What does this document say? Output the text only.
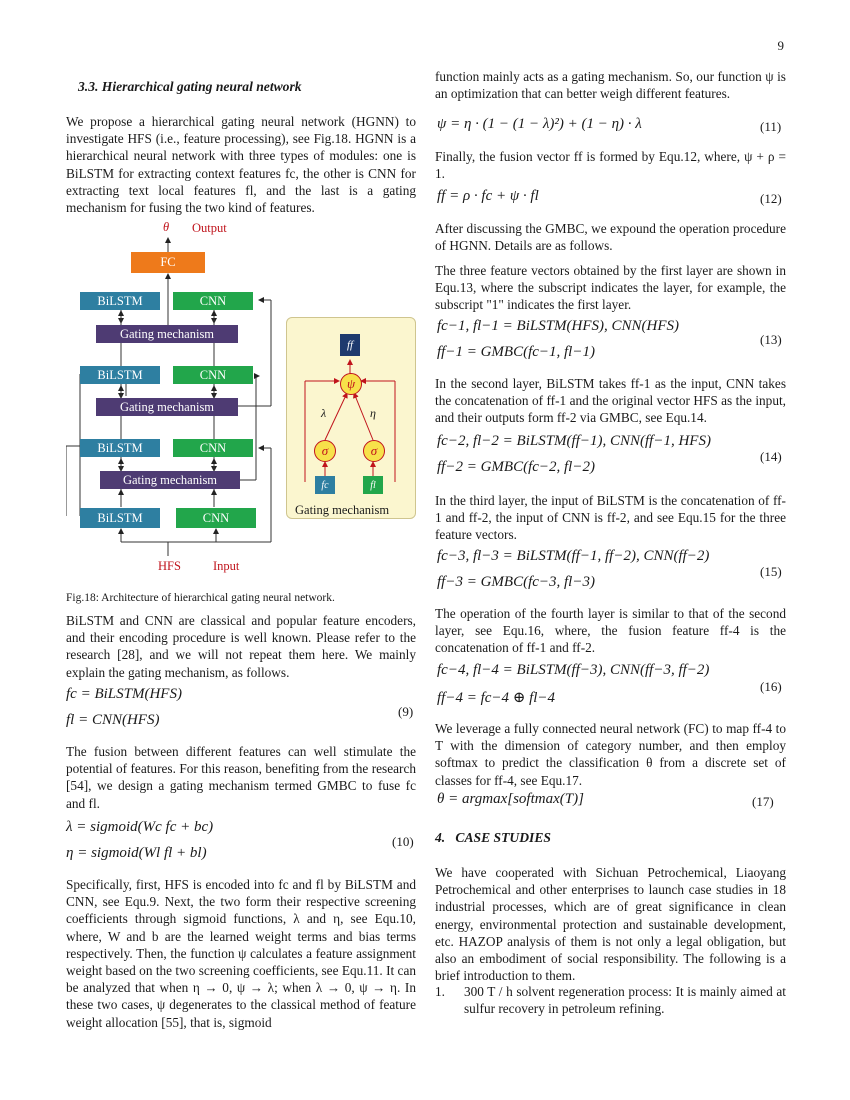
9

3.3. Hierarchical gating neural network

We propose a hierarchical gating neural network (HGNN) to investigate HFS (i.e., feature processing), see Fig.18. HGNN is a hierarchical neural network with three types of modules: one is BiLSTM for extracting context features fc, the other is CNN for extracting text local features fl, and the last is a gating mechanism for fusing the two kind of features.
θ Output
FC
BiLSTM	CNN
Gating mechanism
BiLSTM	CNN
Gating mechanism
BiLSTM	CNN
Gating mechanism
BiLSTM	CNN
HFS	Input
ff
ψ
λ	η
σ	σ
fc	fl
Gating mechanism
Fig.18: Architecture of hierarchical gating neural network.
BiLSTM and CNN are classical and popular feature encoders, and their encoding procedure is well known. Please refer to the research [28], and we will not repeat them here. We mainly explain the gating mechanism, as follows.
fc = BiLSTM(HFS)
fl = CNN(HFS)
(9)
The fusion between different features can well stimulate the potential of features. For this reason, benefiting from the research [54], we design a gating mechanism termed GMBC to fuse fc and fl.
λ = sigmoid(Wc fc + bc)
η = sigmoid(Wl fl + bl)
(10)
Specifically, first, HFS is encoded into fc and fl by BiLSTM and CNN, see Equ.9. Next, the two form their respective screening coefficients through sigmoid functions, λ and η, see Equ.10, where, W and b are the learned weight terms and bias terms respectively. Then, the function ψ calculates a feature assignment weight based on the two screening coefficients, see Equ.11. It can be analyzed that when η → 0, ψ → λ; when λ → 0, ψ → η. In these two cases, ψ degenerates to the classical method of feature weight allocation [55], that is, sigmoid
function mainly acts as a gating mechanism. So, our function ψ is an optimization that can better weigh different features.
ψ = η · (1 − (1 − λ)²) + (1 − η) · λ	(11)
Finally, the fusion vector ff is formed by Equ.12, where, ψ + ρ = 1.
ff = ρ · fc + ψ · fl	(12)
After discussing the GMBC, we expound the operation procedure of HGNN. Details are as follows.
The three feature vectors obtained by the first layer are shown in Equ.13, where the subscript indicates the layer, for example, the subscript "1" indicates the first layer.
fc−1, fl−1 = BiLSTM(HFS), CNN(HFS)
ff−1 = GMBC(fc−1, fl−1)
(13)
In the second layer, BiLSTM takes ff-1 as the input, CNN takes the concatenation of ff-1 and the original vector HFS as the input, and their outputs form ff-2 via GMBC, see Equ.14.
fc−2, fl−2 = BiLSTM(ff−1), CNN(ff−1, HFS)
ff−2 = GMBC(fc−2, fl−2)
(14)
In the third layer, the input of BiLSTM is the concatenation of ff-1 and ff-2, the input of CNN is ff-2, and see Equ.15 for the three feature vectors.
fc−3, fl−3 = BiLSTM(ff−1, ff−2), CNN(ff−2)
ff−3 = GMBC(fc−3, fl−3)
(15)
The operation of the fourth layer is similar to that of the second layer, see Equ.16, where, the fusion feature ff-4 is the concatenation of ff-1 and ff-2.
fc−4, fl−4 = BiLSTM(ff−3), CNN(ff−3, ff−2)
ff−4 = fc−4 ⊕ fl−4
(16)
We leverage a fully connected neural network (FC) to map ff-4 to T with the dimension of category number, and then employ softmax to predict the classification θ from a discrete set of classes for ff-4, see Equ.17.
θ = argmax[softmax(T)]	(17)
4.   CASE STUDIES
We have cooperated with Sichuan Petrochemical, Liaoyang Petrochemical and other enterprises to launch case studies in 18 industrial processes, which are of great significance in clean energy, environmental protection and sustainable development, etc. HAZOP analysis of them is not only a legal obligation, but also an embodiment of social responsibility. The following is a brief introduction to them.
1.	300 T / h solvent regeneration process: It is mainly aimed at sulfur recovery in petroleum refining.
